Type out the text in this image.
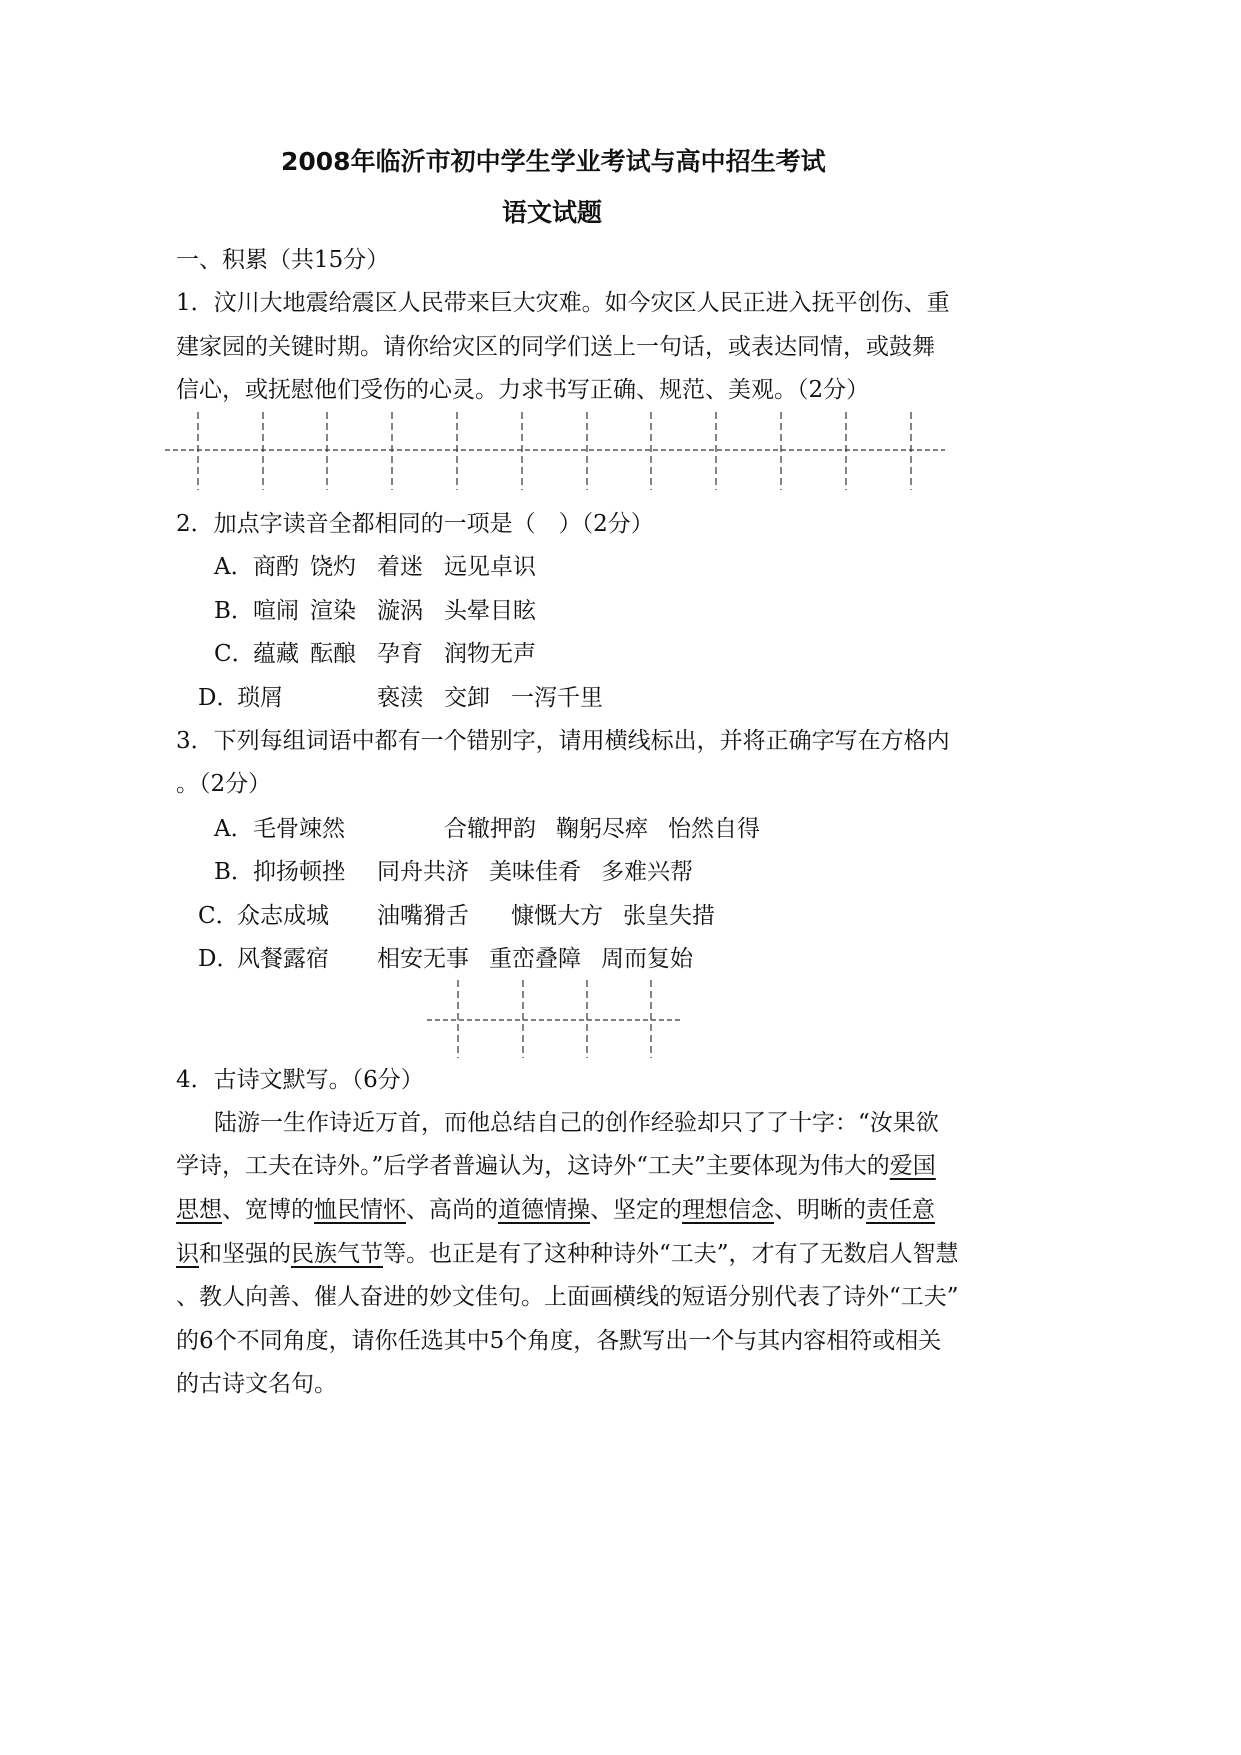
2008年临沂市初中学生学业考试与高中招生考试
语文试题
一、积累（共15分）
1．汶川大地震给震区人民带来巨大灾难。如今灾区人民正进入抚平创伤、重
建家园的关键时期。请你给灾区的同学们送上一句话，或表达同情，或鼓舞
信心，或抚慰他们受伤的心灵。力求书写正确、规范、美观。（2分）
2．加点字读音全都相同的一项是（　）（2分）
A． 商酌 饶灼 着迷 远见卓识
B． 喧闹 渲染 漩涡 头晕目眩
C．
蕴藏 酝酿 孕育 润物无声
D．
琐屑	亵渎 交卸 一泻千里
3．下列每组词语中都有一个错别字，请用横线标出，并将正确字写在方格内
。（2分）
A． 毛骨竦然	合辙押韵 鞠躬尽瘁 怡然自得
B． 抑扬顿挫 同舟共济 美味佳肴 多难兴帮
C．
众志成城 油嘴猾舌 慷慨大方 张皇失措
D．
风餐露宿 相安无事 重峦叠障 周而复始
4．古诗文默写。（6分）
陆游一生作诗近万首，而他总结自己的创作经验却只了了十字：“汝果欲
学诗，工夫在诗外。”后学者普遍认为，这诗外“工夫”主要体现为伟大的爱国
思想、宽博的恤民情怀、高尚的道德情操、坚定的理想信念、明晰的责任意
识和坚强的民族气节等。也正是有了这种种诗外“工夫”，才有了无数启人智慧
、教人向善、催人奋进的妙文佳句。上面画横线的短语分别代表了诗外“工夫”
的6个不同角度，请你任选其中5个角度，各默写出一个与其内容相符或相关
的古诗文名句。
